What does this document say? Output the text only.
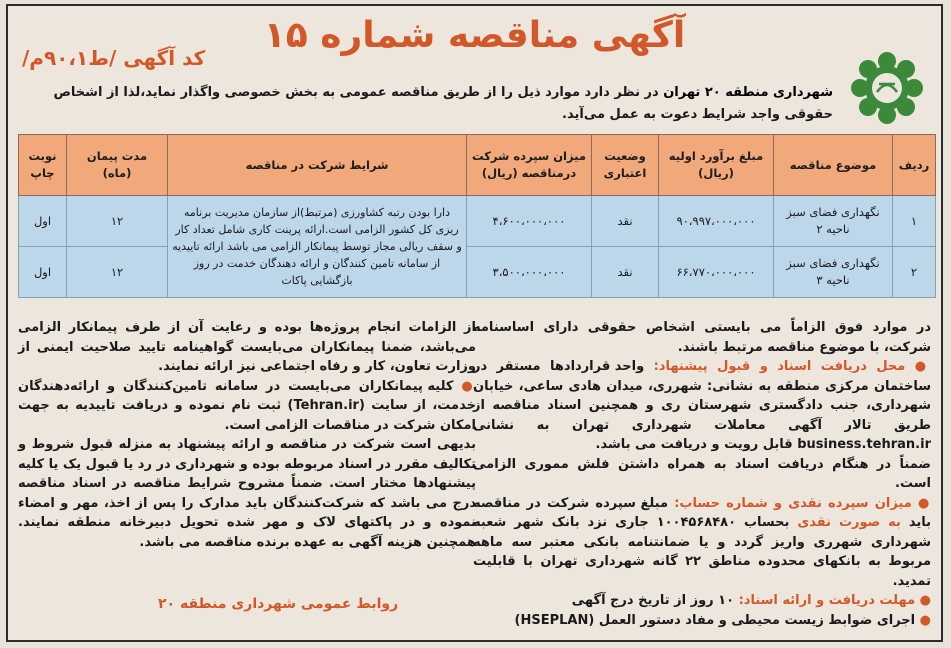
آگهی مناقصه شماره ۱۵
کد آگهی /ط۹۰،۱م/
شهرداری منطقه ۲۰ تهران در نظر دارد موارد ذیل را از طریق مناقصه عمومی به بخش خصوصی واگذار نماید،لذا از اشخاص حقوقی واجد شرایط دعوت به عمل می‌آید.
ردیف	موضوع مناقصه	مبلغ برآورد اولیه (ریال)	وضعیت اعتباری	میزان سپرده شرکت درمناقصه (ریال)	شرایط شرکت در مناقصه	مدت پیمان (ماه)	نوبت چاپ
۱	نگهداری فضای سبز ناحیه ۲	۹۰،۹۹۷،۰۰۰،۰۰۰	نقد	۴،۶۰۰،۰۰۰،۰۰۰	دارا بودن رتبه کشاورزی (مرتبط)از سازمان مدیریت برنامه ریزی کل کشور الزامی است.ارائه پرینت کاری شامل تعداد کار و سقف ریالی مجاز توسط پیمانکار الزامی می باشد ارائه تاییدیه از سامانه تامین کنندگان و ارائه دهندگان خدمت در روز بازگشایی پاکات	۱۲	اول
۲	نگهداری فضای سبز ناحیه ۳	۶۶،۷۷۰،۰۰۰،۰۰۰	نقد	۳،۵۰۰،۰۰۰،۰۰۰		۱۲	اول

در موارد فوق الزاماً می بایستی اشخاص حقوقی دارای اساسنامه شرکت، با موضوع مناقصه مرتبط باشند.

● محل دریافت اسناد و قبول پیشنهاد: واحد قراردادها مستقر در ساختمان مرکزی منطقه به نشانی: شهرری، میدان هادی ساعی، خیابان شهرداری، جنب دادگستری شهرستان ری و همچنین اسناد مناقصه از طریق تالار آگهی معاملات شهرداری تهران به نشانی business.tehran.ir قابل رویت و دریافت می باشد.

ضمناً در هنگام دریافت اسناد به همراه داشتن فلش مموری الزامی است.

● میزان سپرده نقدی و شماره حساب: مبلغ سپرده شرکت در مناقصه باید به صورت نقدی بحساب ۱۰۰۴۵۶۸۴۸۰ جاری نزد بانک شهر شعبه شهرداری شهرری واریز گردد و یا ضمانتنامه بانکی معتبر سه ماهه مربوط به بانکهای محدوده مناطق ۲۲ گانه شهرداری تهران با قابلیت تمدید.

● مهلت دریافت و ارائه اسناد: ۱۰ روز از تاریخ درج آگهی

● اجرای ضوابط زیست محیطی و مفاد دستور العمل (HSEPLAN)

از الزامات انجام پروژه‌ها بوده و رعایت آن از طرف پیمانکار الزامی می‌باشد، ضمنا پیمانکاران می‌بایست گواهینامه تایید صلاحیت ایمنی از وزارت تعاون، کار و رفاه اجتماعی نیز ارائه نمایند.

● کلیه پیمانکاران می‌بایست در سامانه تامین‌کنندگان و ارائه‌دهندگان خدمت، از سایت (Tehran.ir) ثبت نام نموده و دریافت تاییدیه به جهت امکان شرکت در مناقصات الزامی است.

بدیهی است شرکت در مناقصه و ارائه پیشنهاد به منزله قبول شروط و تکالیف مقرر در اسناد مربوطه بوده و شهرداری در رد یا قبول یک یا کلیه پیشنهادها مختار است. ضمناً مشروح شرایط مناقصه در اسناد مناقصه درج می باشد که شرکت‌کنندگان باید مدارک را پس از اخذ، مهر و امضاء نموده و در پاکتهای لاک و مهر شده تحویل دبیرخانه منطقه نمایند. همچنین هزینه آگهی به عهده برنده مناقصه می باشد.

روابط عمومی شهرداری منطقه ۲۰
